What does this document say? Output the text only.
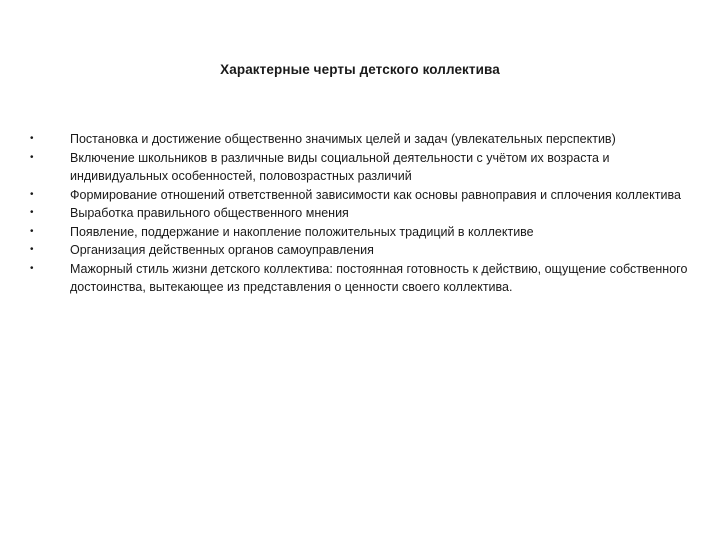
Характерные черты детского коллектива
•	Постановка и достижение общественно значимых целей и задач (увлекательных перспектив)
•	Включение школьников в различные виды социальной деятельности с учётом их возраста и индивидуальных особенностей, половозрастных различий
•	Формирование отношений ответственной зависимости как основы равноправия и сплочения коллектива
•	Выработка правильного общественного мнения
•	Появление, поддержание и накопление положительных традиций в коллективе
•	Организация действенных органов самоуправления
•	Мажорный стиль жизни детского коллектива: постоянная готовность к действию, ощущение собственного достоинства, вытекающее из представления о ценности своего коллектива.
